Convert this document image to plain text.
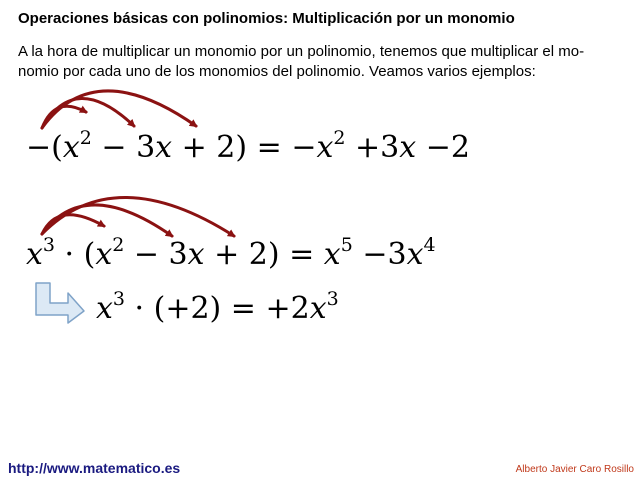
Operaciones básicas con polinomios: Multiplicación por un monomio
A la hora de multiplicar un monomio por un polinomio, tenemos que multiplicar el mo-
nomio por cada uno de los monomios del polinomio. Veamos varios ejemplos:
$-(x^2 - 3x + 2) = -x^2 +3x -2$
$x^3 \cdot (x^2 - 3x + 2) = x^5 -3x^4$
$x^3 \cdot (+2) = +2x^3$
http://www.matematico.es	Alberto Javier Caro Rosillo
